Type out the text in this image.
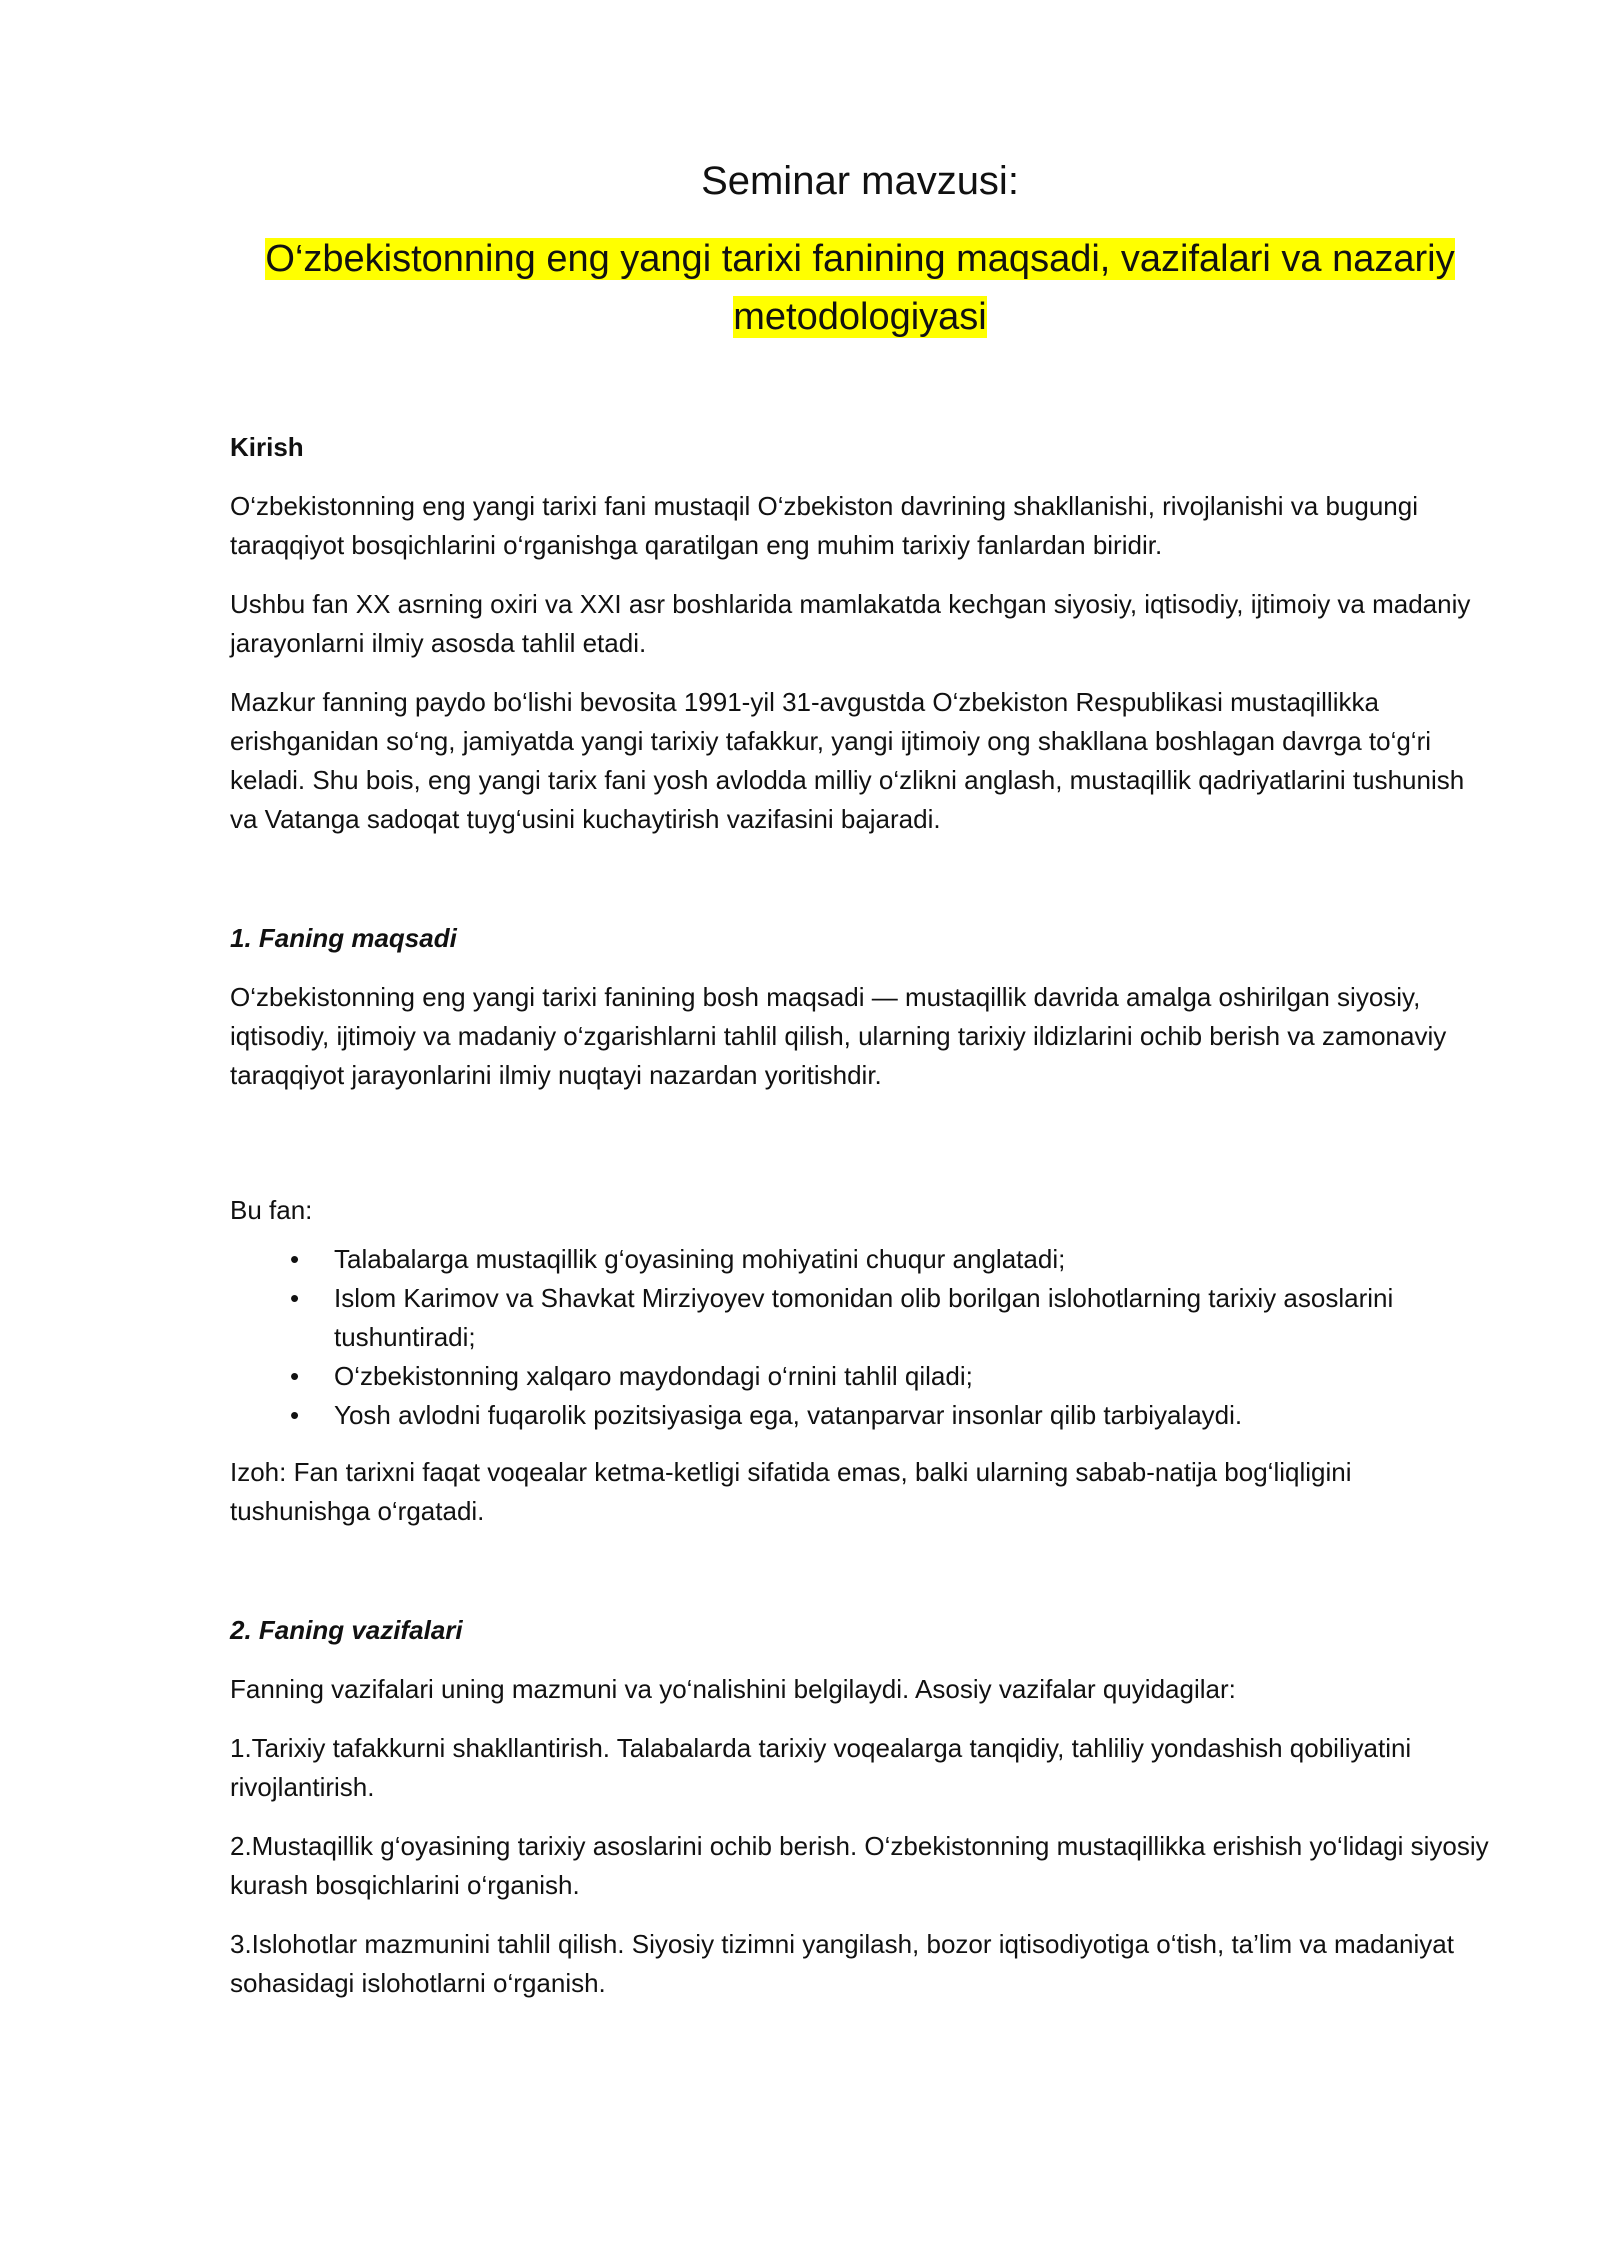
Seminar mavzusi:
O‘zbekistonning eng yangi tarixi fanining maqsadi, vazifalari va nazariy
metodologiyasi

Kirish

O‘zbekistonning eng yangi tarixi fani mustaqil O‘zbekiston davrining shakllanishi, rivojlanishi va bugungi taraqqiyot bosqichlarini o‘rganishga qaratilgan eng muhim tarixiy fanlardan biridir.

Ushbu fan XX asrning oxiri va XXI asr boshlarida mamlakatda kechgan siyosiy, iqtisodiy, ijtimoiy va madaniy jarayonlarni ilmiy asosda tahlil etadi.

Mazkur fanning paydo bo‘lishi bevosita 1991-yil 31-avgustda O‘zbekiston Respublikasi mustaqillikka erishganidan so‘ng, jamiyatda yangi tarixiy tafakkur, yangi ijtimoiy ong shakllana boshlagan davrga to‘g‘ri keladi. Shu bois, eng yangi tarix fani yosh avlodda milliy o‘zlikni anglash, mustaqillik qadriyatlarini tushunish va Vatanga sadoqat tuyg‘usini kuchaytirish vazifasini bajaradi.

1. Faning maqsadi

O‘zbekistonning eng yangi tarixi fanining bosh maqsadi — mustaqillik davrida amalga oshirilgan siyosiy, iqtisodiy, ijtimoiy va madaniy o‘zgarishlarni tahlil qilish, ularning tarixiy ildizlarini ochib berish va zamonaviy taraqqiyot jarayonlarini ilmiy nuqtayi nazardan yoritishdir.

Bu fan:

• Talabalarga mustaqillik g‘oyasining mohiyatini chuqur anglatadi;
• Islom Karimov va Shavkat Mirziyoyev tomonidan olib borilgan islohotlarning tarixiy asoslarini tushuntiradi;
• O‘zbekistonning xalqaro maydondagi o‘rnini tahlil qiladi;
• Yosh avlodni fuqarolik pozitsiyasiga ega, vatanparvar insonlar qilib tarbiyalaydi.

Izoh: Fan tarixni faqat voqealar ketma-ketligi sifatida emas, balki ularning sabab-natija bog‘liqligini tushunishga o‘rgatadi.

2. Faning vazifalari

Fanning vazifalari uning mazmuni va yo‘nalishini belgilaydi. Asosiy vazifalar quyidagilar:

1.Tarixiy tafakkurni shakllantirish. Talabalarda tarixiy voqealarga tanqidiy, tahliliy yondashish qobiliyatini rivojlantirish.

2.Mustaqillik g‘oyasining tarixiy asoslarini ochib berish. O‘zbekistonning mustaqillikka erishish yo‘lidagi siyosiy kurash bosqichlarini o‘rganish.

3.Islohotlar mazmunini tahlil qilish. Siyosiy tizimni yangilash, bozor iqtisodiyotiga o‘tish, ta’lim va madaniyat sohasidagi islohotlarni o‘rganish.
